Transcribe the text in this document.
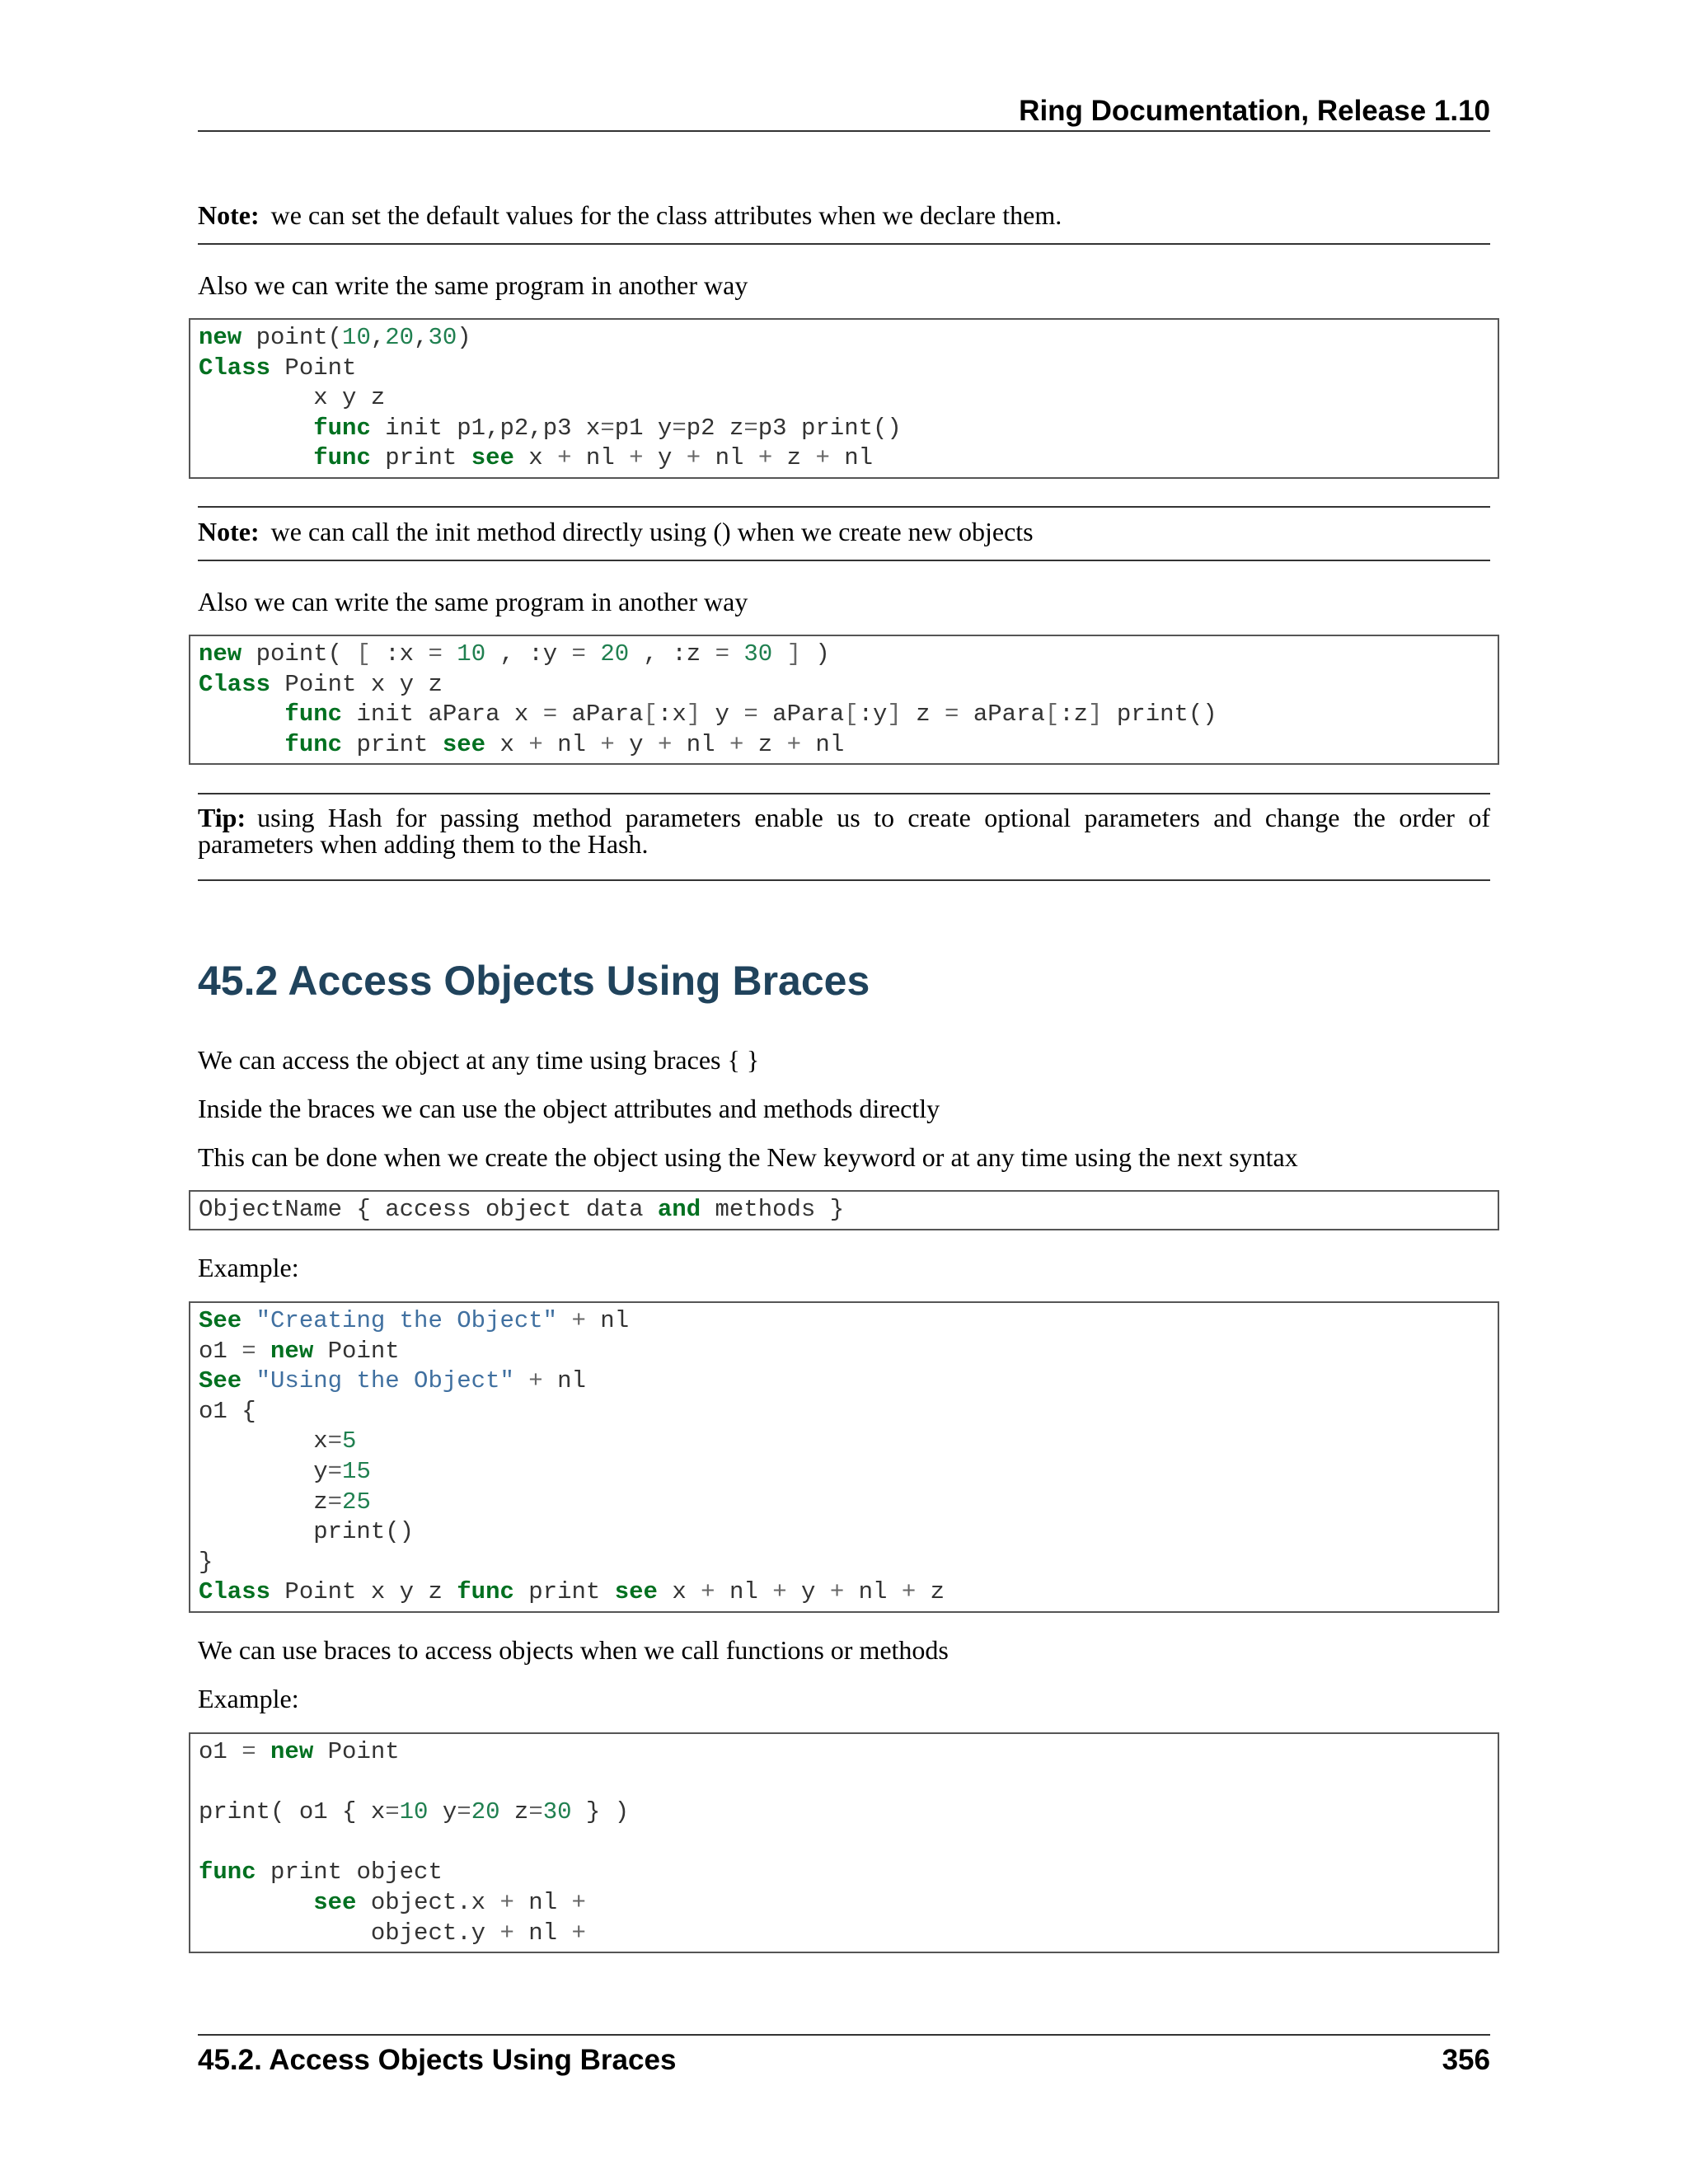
Ring Documentation, Release 1.10
Note: we can set the default values for the class attributes when we declare them.
Also we can write the same program in another way
new point(10,20,30)
Class Point
x y z
func init p1,p2,p3 x=p1 y=p2 z=p3 print()
func print see x + nl + y + nl + z + nl
Note: we can call the init method directly using () when we create new objects
Also we can write the same program in another way
new point( [ :x = 10 , :y = 20 , :z = 30 ] )
Class Point x y z
func init aPara x = aPara[:x] y = aPara[:y] z = aPara[:z] print()
func print see x + nl + y + nl + z + nl
Tip: using Hash for passing method parameters enable us to create optional parameters and change the order of parameters when adding them to the Hash.
45.2 Access Objects Using Braces
We can access the object at any time using braces { }
Inside the braces we can use the object attributes and methods directly
This can be done when we create the object using the New keyword or at any time using the next syntax
ObjectName { access object data and methods }
Example:
See "Creating the Object" + nl
o1 = new Point
See "Using the Object" + nl
o1 {
x=5
y=15
z=25
print()
}
Class Point x y z func print see x + nl + y + nl + z
We can use braces to access objects when we call functions or methods
Example:
o1 = new Point
print( o1 { x=10 y=20 z=30 } )
func print object
see object.x + nl +
object.y + nl +
45.2. Access Objects Using Braces	356
